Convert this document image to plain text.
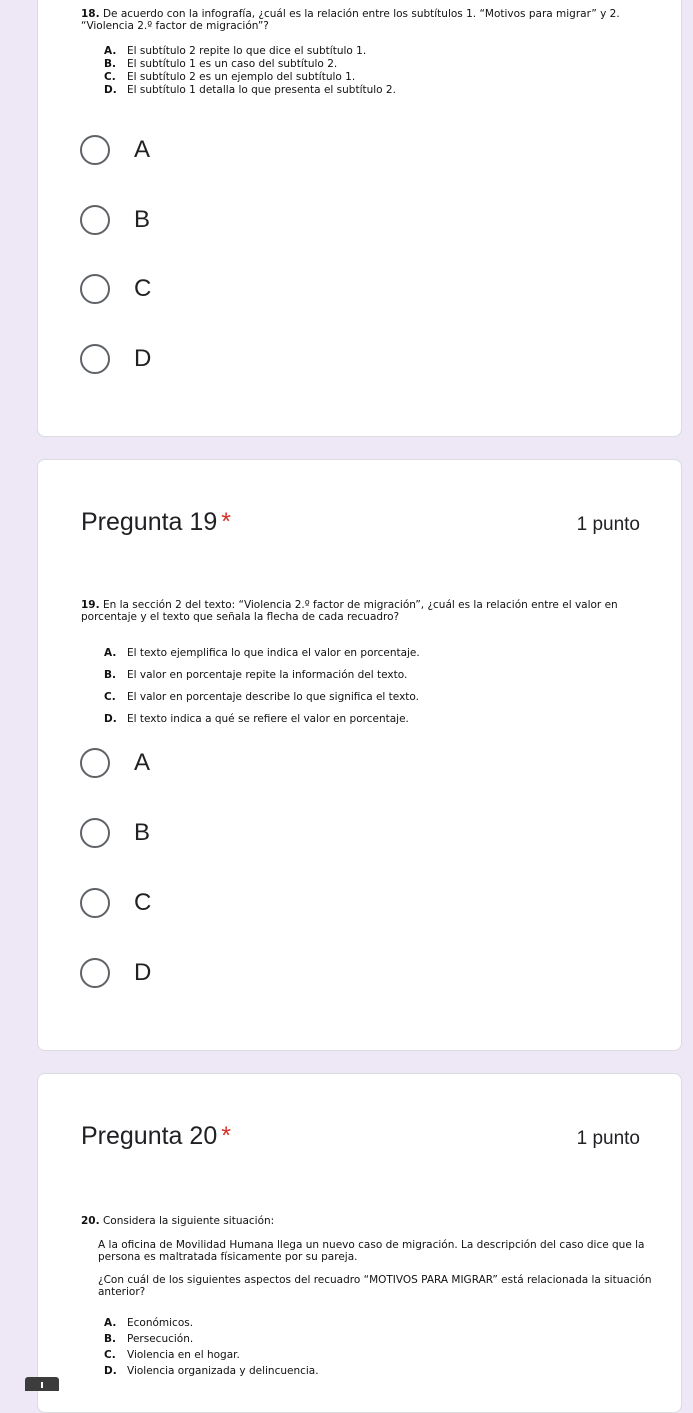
18. De acuerdo con la infografía, ¿cuál es la relación entre los subtítulos 1. “Motivos para migrar” y 2. “Violencia 2.º factor de migración”?
A.	El subtítulo 2 repite lo que dice el subtítulo 1.
B.	El subtítulo 1 es un caso del subtítulo 2.
C.	El subtítulo 2 es un ejemplo del subtítulo 1.
D. El subtítulo 1 detalla lo que presenta el subtítulo 2.
A
B
C
D
Pregunta 19 *	1 punto
19. En la sección 2 del texto: “Violencia 2.º factor de migración”, ¿cuál es la relación entre el valor en porcentaje y el texto que señala la flecha de cada recuadro?
A.	El texto ejemplifica lo que indica el valor en porcentaje.
B.	El valor en porcentaje repite la información del texto.
C.	El valor en porcentaje describe lo que significa el texto.
D. El texto indica a qué se refiere el valor en porcentaje.
A
B
C
D
Pregunta 20 *	1 punto
20. Considera la siguiente situación:
A la oficina de Movilidad Humana llega un nuevo caso de migración. La descripción del caso dice que la persona es maltratada físicamente por su pareja.
¿Con cuál de los siguientes aspectos del recuadro “MOTIVOS PARA MIGRAR” está relacionada la situación anterior?
A.	Económicos.
B.	Persecución.
C.	Violencia en el hogar.
D. Violencia organizada y delincuencia.
